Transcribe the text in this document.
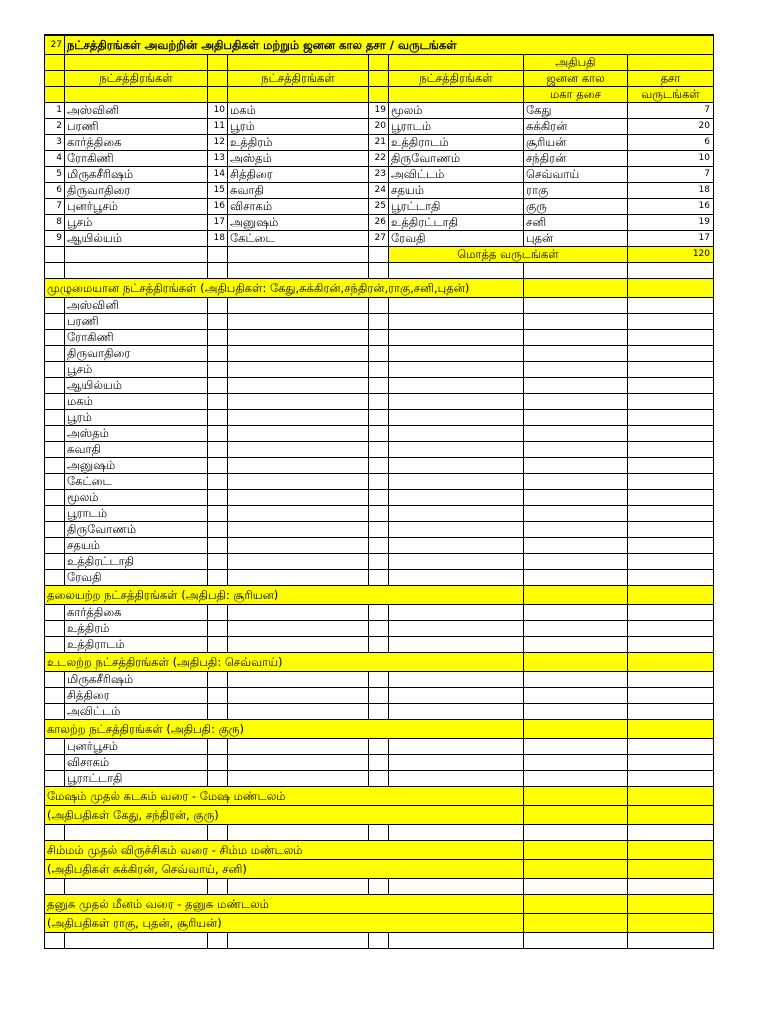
27	நட்சத்திரங்கள் அவற்றின் அதிபதிகள் மற்றும் ஜனன கால தசா / வருடங்கள்						
						அதிபதி	
	நட்சத்திரங்கள்		நட்சத்திரங்கள்		நட்சத்திரங்கள்	ஜனன கால	தசா
						மகா தசை	வருடங்கள்
1	அஸ்வினி	10	மகம்	19	மூலம்	கேது	7
2	பரணி	11	பூரம்	20	பூராடம்	சுக்கிரன்	20
3	கார்த்திகை	12	உத்திரம்	21	உத்திராடம்	சூரியன்	6
4	ரோகிணி	13	அஸ்தம்	22	திருவோணம்	சந்திரன்	10
5	மிருகசீரிஷம்	14	சித்திரை	23	அவிட்டம்	செவ்வாய்	7
6	திருவாதிரை	15	சுவாதி	24	சதயம்	ராகு	18
7	புனர்பூசம்	16	விசாகம்	25	பூரட்டாதி	குரு	16
8	பூசம்	17	அனுஷம்	26	உத்திரட்டாதி	சனி	19
9	ஆயில்யம்	18	கேட்டை	27	ரேவதி	புதன்	17
					மொத்த வருடங்கள்		120

முழுமையான நட்சத்திரங்கள் (அதிபதிகள்: கேது,சுக்கிரன்,சந்திரன்,ராகு,சனி,புதன்)							
	அஸ்வினி						
	பரணி						
	ரோகிணி						
	திருவாதிரை						
	பூசம்						
	ஆயில்யம்						
	மகம்						
	பூரம்						
	அஸ்தம்						
	சுவாதி						
	அனுஷம்						
	கேட்டை						
	மூலம்						
	பூராடம்						
	திருவோணம்						
	சதயம்						
	உத்திரட்டாதி						
	ரேவதி						
தலையற்ற நட்சத்திரங்கள் (அதிபதி: சூரியன)							
	கார்த்திகை						
	உத்திரம்						
	உத்திராடம்						
உடலற்ற நட்சத்திரங்கள் (அதிபதி: செவ்வாய்)							
	மிருகசீரிஷம்						
	சித்திரை						
	அவிட்டம்						
காலற்ற நட்சத்திரங்கள் (அதிபதி: குரு)							
	புனர்பூசம்						
	விசாகம்						
	பூராட்டாதி						
மேஷம் முதல் கடகம் வரை - மேஷ மண்டலம்							
(அதிபதிகள் கேது, சந்திரன், குரு)							

சிம்மம் முதல் விருச்சிகம் வரை - சிம்ம மண்டலம்							
(அதிபதிகள் சுக்கிரன், செவ்வாய், சனி)							

தனுசு முதல் மீனம் வரை - தனுசு மண்டலம்							
(அதிபதிகள் ராகு, புதன், சூரியன்)							
